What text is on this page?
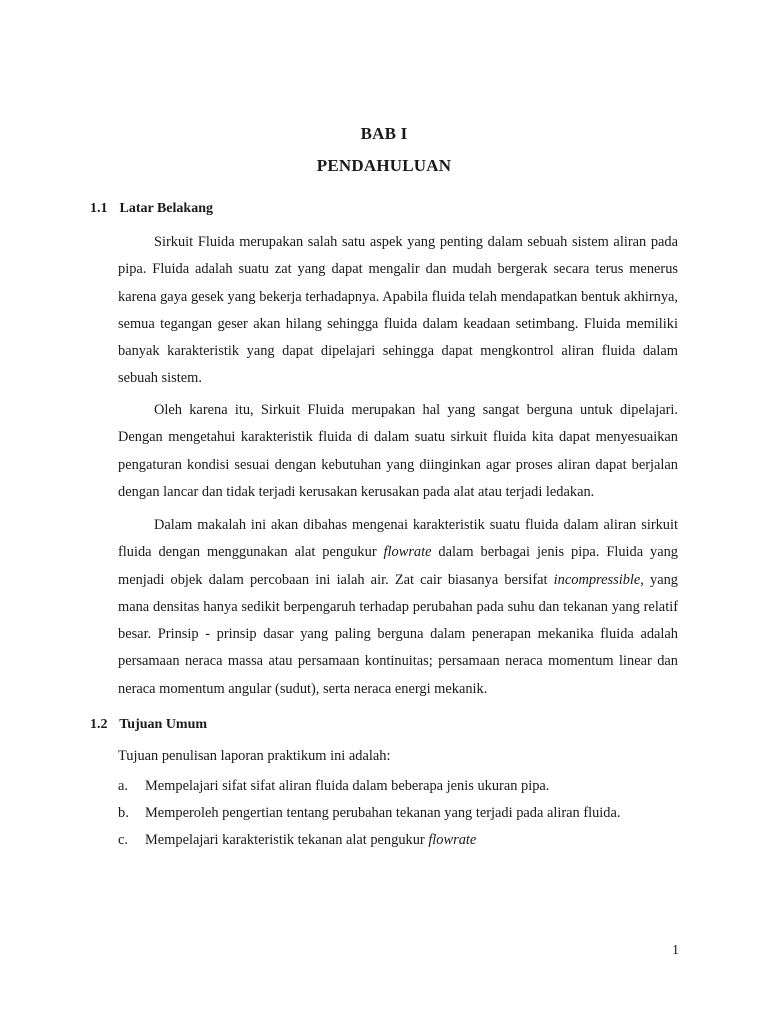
BAB I
PENDAHULUAN
1.1 Latar Belakang

Sirkuit Fluida merupakan salah satu aspek yang penting dalam sebuah sistem aliran pada pipa. Fluida adalah suatu zat yang dapat mengalir dan mudah bergerak secara terus menerus karena gaya gesek yang bekerja terhadapnya. Apabila fluida telah mendapatkan bentuk akhirnya, semua tegangan geser akan hilang sehingga fluida dalam keadaan setimbang. Fluida memiliki banyak karakteristik yang dapat dipelajari sehingga dapat mengkontrol aliran fluida dalam sebuah sistem.

Oleh karena itu, Sirkuit Fluida merupakan hal yang sangat berguna untuk dipelajari. Dengan mengetahui karakteristik fluida di dalam suatu sirkuit fluida kita dapat menyesuaikan pengaturan kondisi sesuai dengan kebutuhan yang diinginkan agar proses aliran dapat berjalan dengan lancar dan tidak terjadi kerusakan kerusakan pada alat atau terjadi ledakan.

Dalam makalah ini akan dibahas mengenai karakteristik suatu fluida dalam aliran sirkuit fluida dengan menggunakan alat pengukur flowrate dalam berbagai jenis pipa. Fluida yang menjadi objek dalam percobaan ini ialah air. Zat cair biasanya bersifat incompressible, yang mana densitas hanya sedikit berpengaruh terhadap perubahan pada suhu dan tekanan yang relatif besar. Prinsip - prinsip dasar yang paling berguna dalam penerapan mekanika fluida adalah persamaan neraca massa atau persamaan kontinuitas; persamaan neraca momentum linear dan neraca momentum angular (sudut), serta neraca energi mekanik.

1.2 Tujuan Umum

Tujuan penulisan laporan praktikum ini adalah:

a.	Mempelajari sifat sifat aliran fluida dalam beberapa jenis ukuran pipa.
b.	Memperoleh pengertian tentang perubahan tekanan yang terjadi pada aliran fluida.
c.	Mempelajari karakteristik tekanan alat pengukur flowrate
1
